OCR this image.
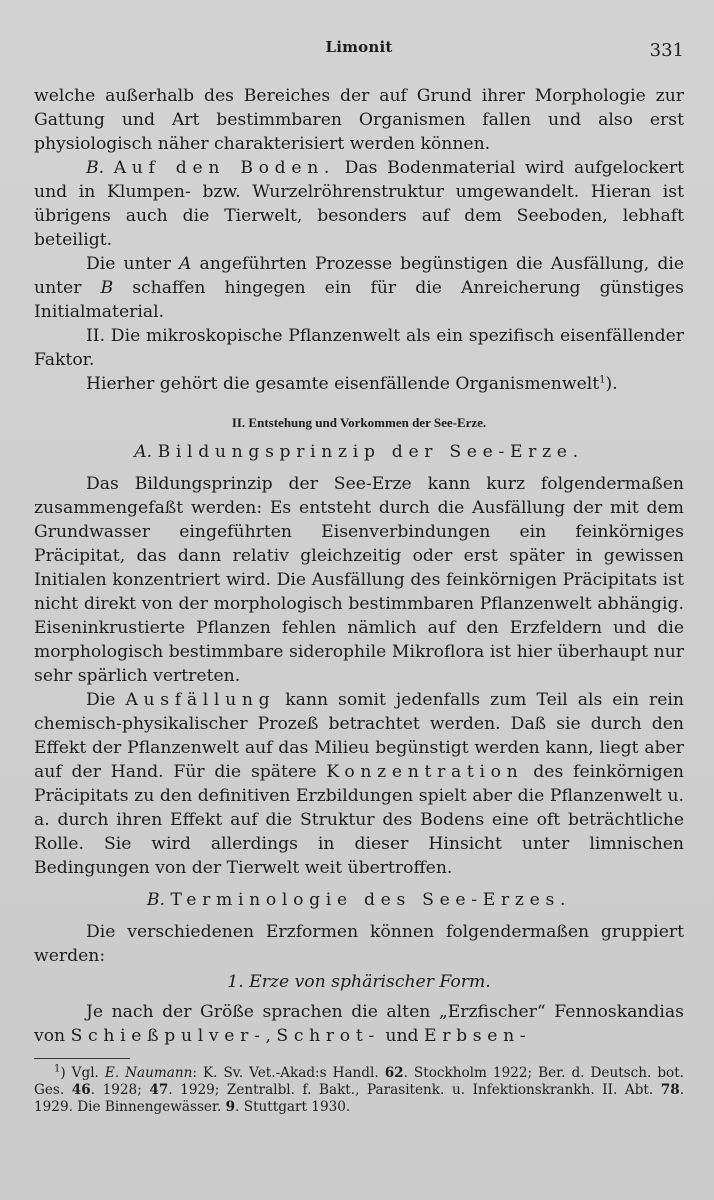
Limonit	331

welche außerhalb des Bereiches der auf Grund ihrer Morphologie zur Gattung und Art bestimmbaren Organismen fallen und also erst physiologisch näher charakterisiert werden können.

B. Auf den Boden. Das Bodenmaterial wird aufgelockert und in Klumpen- bzw. Wurzelröhrenstruktur umgewandelt. Hieran ist übrigens auch die Tierwelt, besonders auf dem Seeboden, lebhaft beteiligt.

Die unter A angeführten Prozesse begünstigen die Ausfällung, die unter B schaffen hingegen ein für die Anreicherung günstiges Initialmaterial.

II. Die mikroskopische Pflanzenwelt als ein spezifisch eisenfällender Faktor.

Hierher gehört die gesamte eisenfällende Organismenwelt$^1$).

II. Entstehung und Vorkommen der See-Erze.

A. Bildungsprinzip der See-Erze.

Das Bildungsprinzip der See-Erze kann kurz folgendermaßen zusammengefaßt werden: Es entsteht durch die Ausfällung der mit dem Grundwasser eingeführten Eisenverbindungen ein feinkörniges Präcipitat, das dann relativ gleichzeitig oder erst später in gewissen Initialen konzentriert wird. Die Ausfällung des feinkörnigen Präcipitats ist nicht direkt von der morphologisch bestimmbaren Pflanzenwelt abhängig. Eiseninkrustierte Pflanzen fehlen nämlich auf den Erzfeldern und die morphologisch bestimmbare siderophile Mikroflora ist hier überhaupt nur sehr spärlich vertreten.

Die Ausfällung kann somit jedenfalls zum Teil als ein rein chemisch-physikalischer Prozeß betrachtet werden. Daß sie durch den Effekt der Pflanzenwelt auf das Milieu begünstigt werden kann, liegt aber auf der Hand. Für die spätere Konzentration des feinkörnigen Präcipitats zu den definitiven Erzbildungen spielt aber die Pflanzenwelt u. a. durch ihren Effekt auf die Struktur des Bodens eine oft beträchtliche Rolle. Sie wird allerdings in dieser Hinsicht unter limnischen Bedingungen von der Tierwelt weit übertroffen.

B. Terminologie des See-Erzes.

Die verschiedenen Erzformen können folgendermaßen gruppiert werden:

1. Erze von sphärischer Form.

Je nach der Größe sprachen die alten „Erzfischer“ Fennoskandias von Schießpulver-, Schrot- und Erbsen-

$^1$) Vgl. E. Naumann: K. Sv. Vet.-Akad:s Handl. 62. Stockholm 1922; Ber. d. Deutsch. bot. Ges. 46. 1928; 47. 1929; Zentralbl. f. Bakt., Parasitenk. u. Infektionskrankh. II. Abt. 78. 1929. Die Binnengewässer. 9. Stuttgart 1930.
